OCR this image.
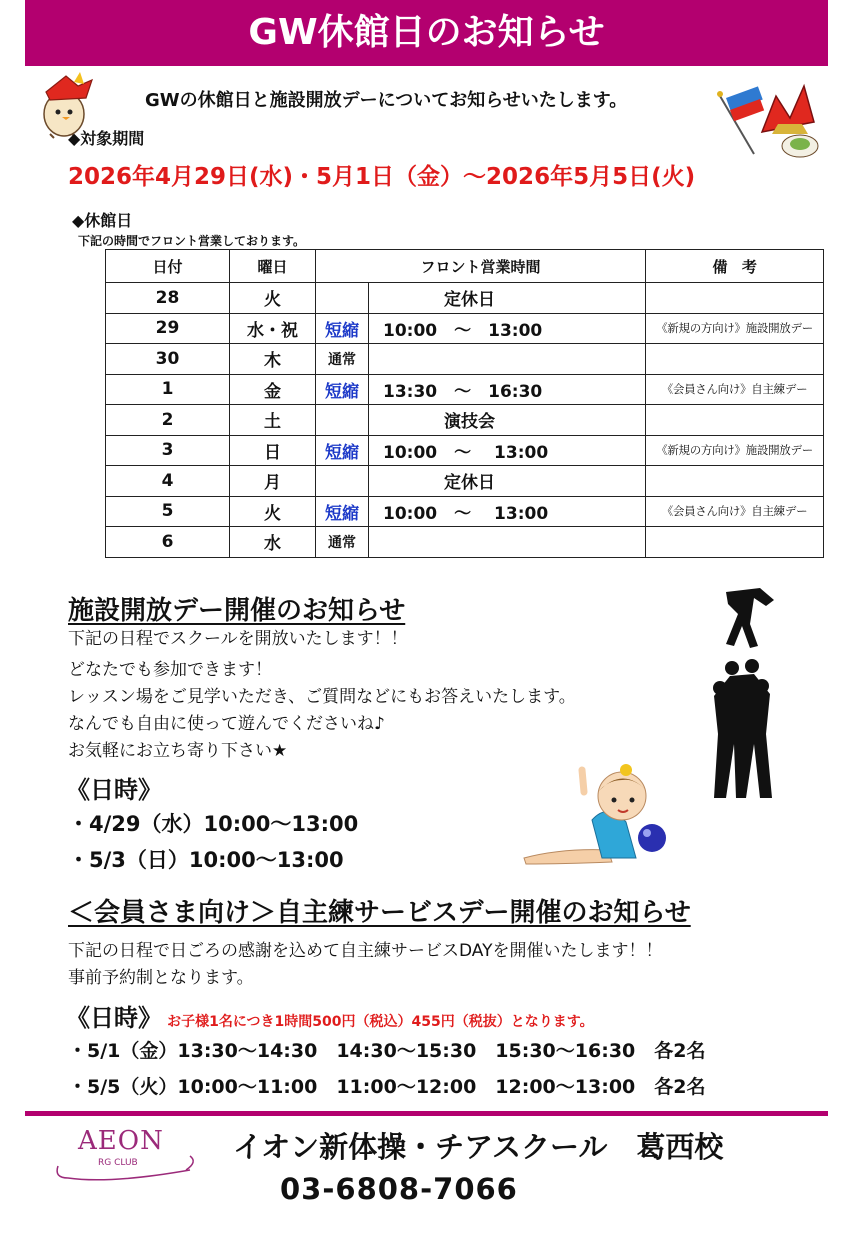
GW休館日のお知らせ
GWの休館日と施設開放デーについてお知らせいたします。
◆対象期間
2026年4月29日(水)・5月1日（金）～2026年5月5日(火)
◆休館日
下記の時間でフロント営業しております。
日付	曜日	フロント営業時間		備　考
28	火		定休日	
29	水・祝	短縮	10:00　～　13:00	《新規の方向け》施設開放デー
30	木	通常		
1	金	短縮	13:30　～　16:30	《会員さん向け》自主練デー
2	土		演技会	
3	日	短縮	10:00　～　 13:00	《新規の方向け》施設開放デー
4	月		定休日	
5	火	短縮	10:00　～　 13:00	《会員さん向け》自主練デー
6	水	通常		
施設開放デー開催のお知らせ
下記の日程でスクールを開放いたします！！
どなたでも参加できます！
レッスン場をご見学いただき、ご質問などにもお答えいたします。
なんでも自由に使って遊んでくださいね♪
お気軽にお立ち寄り下さい★
《日時》
・4/29（水）10:00～13:00
・5/3（日）10:00～13:00
＜会員さま向け＞自主練サービスデー開催のお知らせ
下記の日程で日ごろの感謝を込めて自主練サービスDAYを開催いたします！！
事前予約制となります。
《日時》 お子様1名につき1時間500円（税込）455円（税抜）となります。
・5/1（金）13:30～14:30　14:30～15:30　15:30～16:30　各2名
・5/5（火）10:00～11:00　11:00～12:00　12:00～13:00　各2名
AEON
RG CLUB	イオン新体操・チアスクール　葛西校
03-6808-7066
